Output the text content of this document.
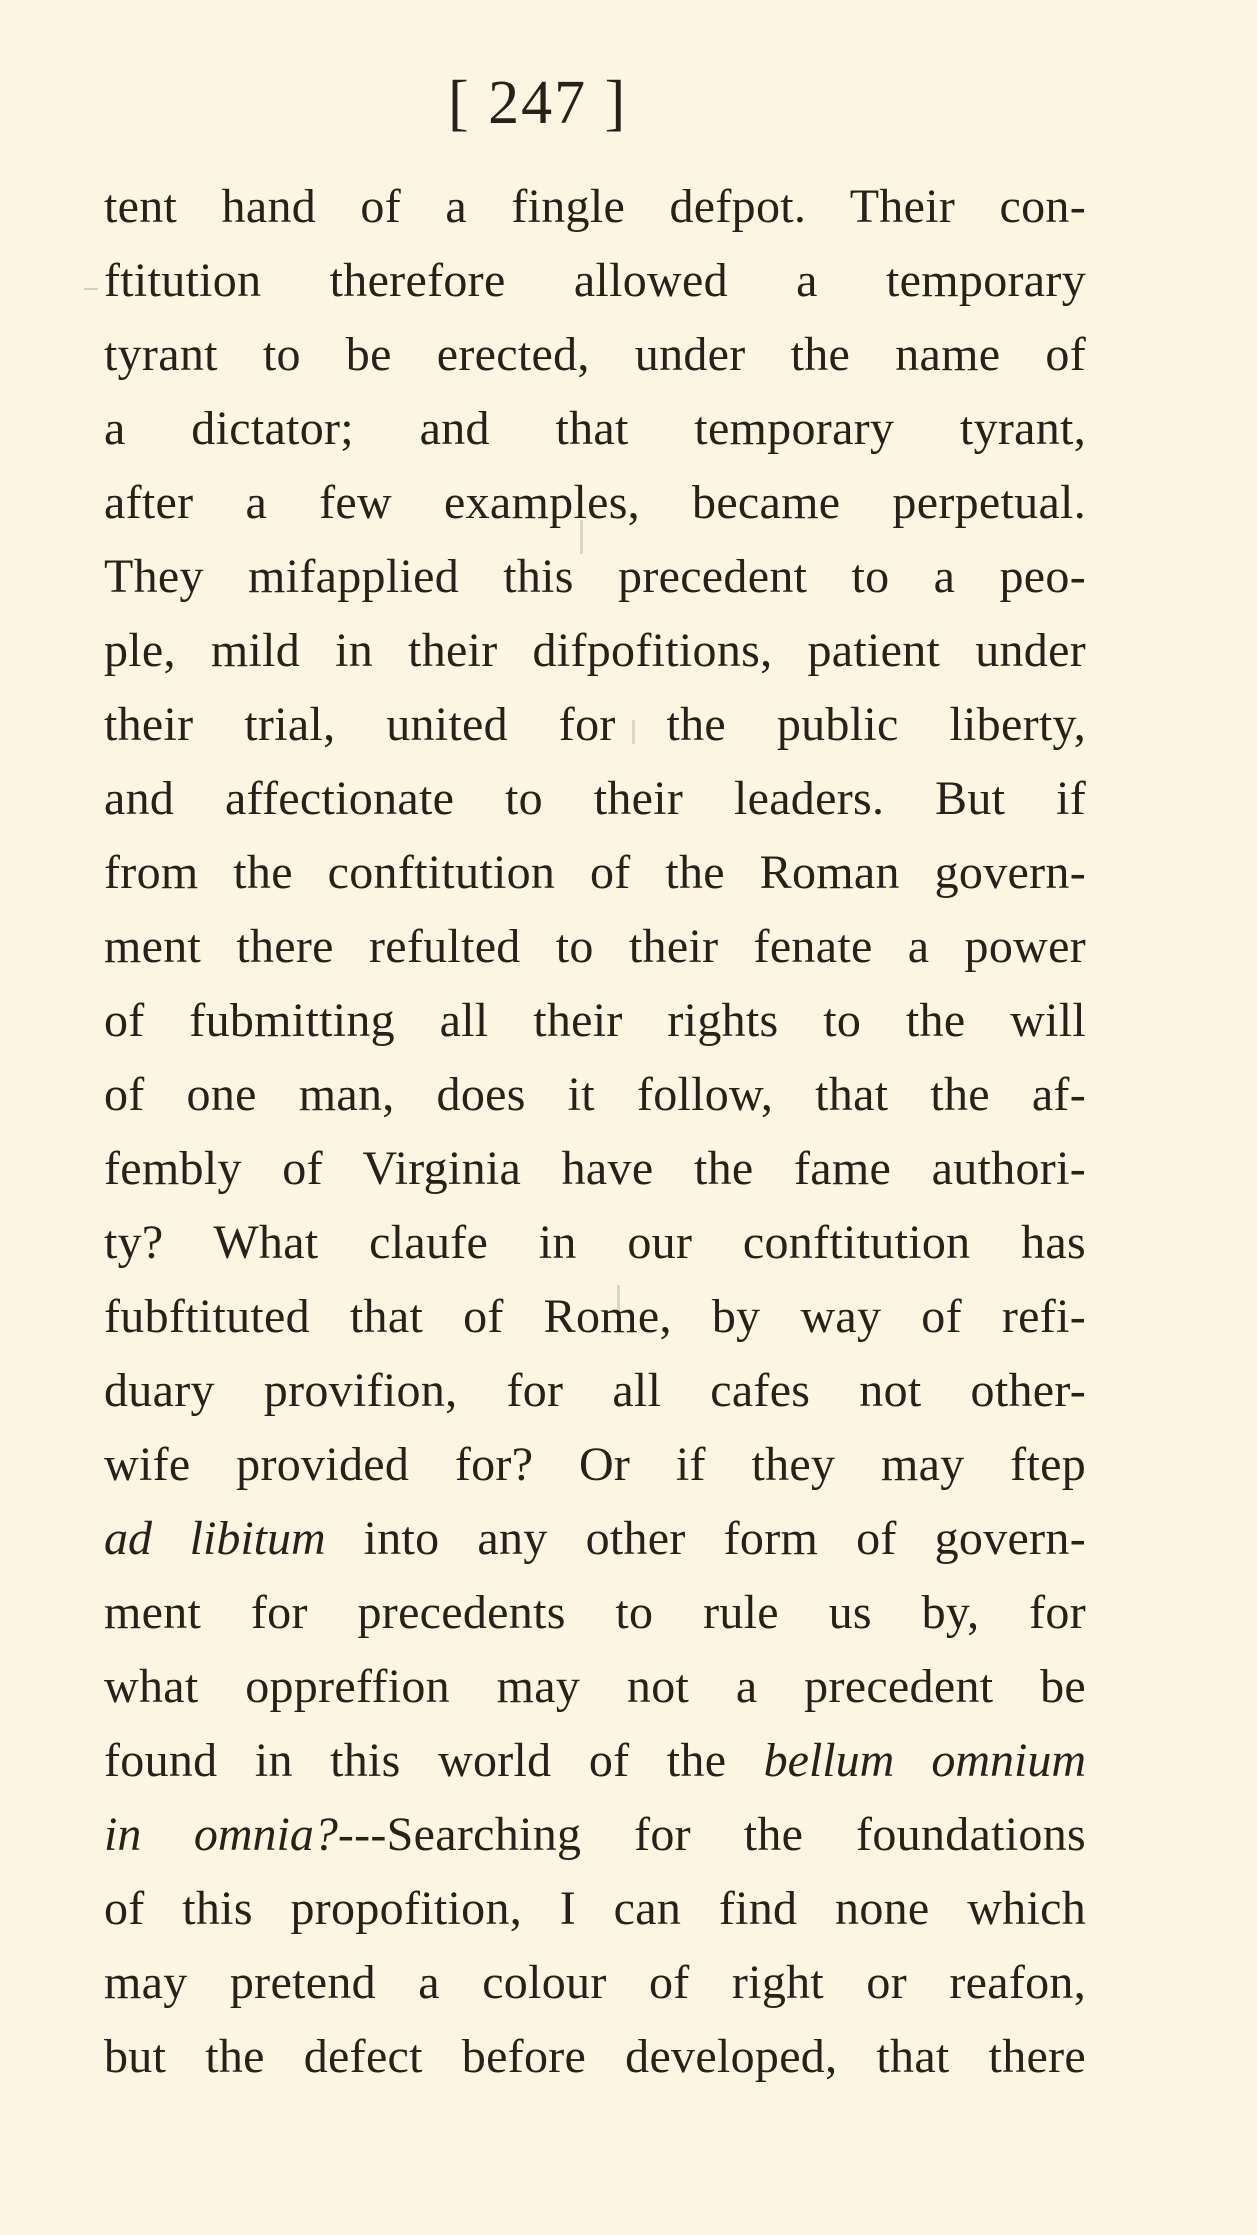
[ 247 ]
tent hand of a fingle defpot. Their con-
ftitution therefore allowed a temporary
tyrant to be erected, under the name of
a dictator; and that temporary tyrant,
after a few examples, became perpetual.
They mifapplied this precedent to a peo-
ple, mild in their difpofitions, patient under
their trial, united for the public liberty,
and affectionate to their leaders. But if
from the conftitution of the Roman govern-
ment there refulted to their fenate a power
of fubmitting all their rights to the will
of one man, does it follow, that the af-
fembly of Virginia have the fame authori-
ty? What claufe in our conftitution has
fubftituted that of Rome, by way of refi-
duary provifion, for all cafes not other-
wife provided for? Or if they may ftep
ad libitum into any other form of govern-
ment for precedents to rule us by, for
what oppreffion may not a precedent be
found in this world of the bellum omnium
in omnia?---Searching for the foundations
of this propofition, I can find none which
may pretend a colour of right or reafon,
but the defect before developed, that there
